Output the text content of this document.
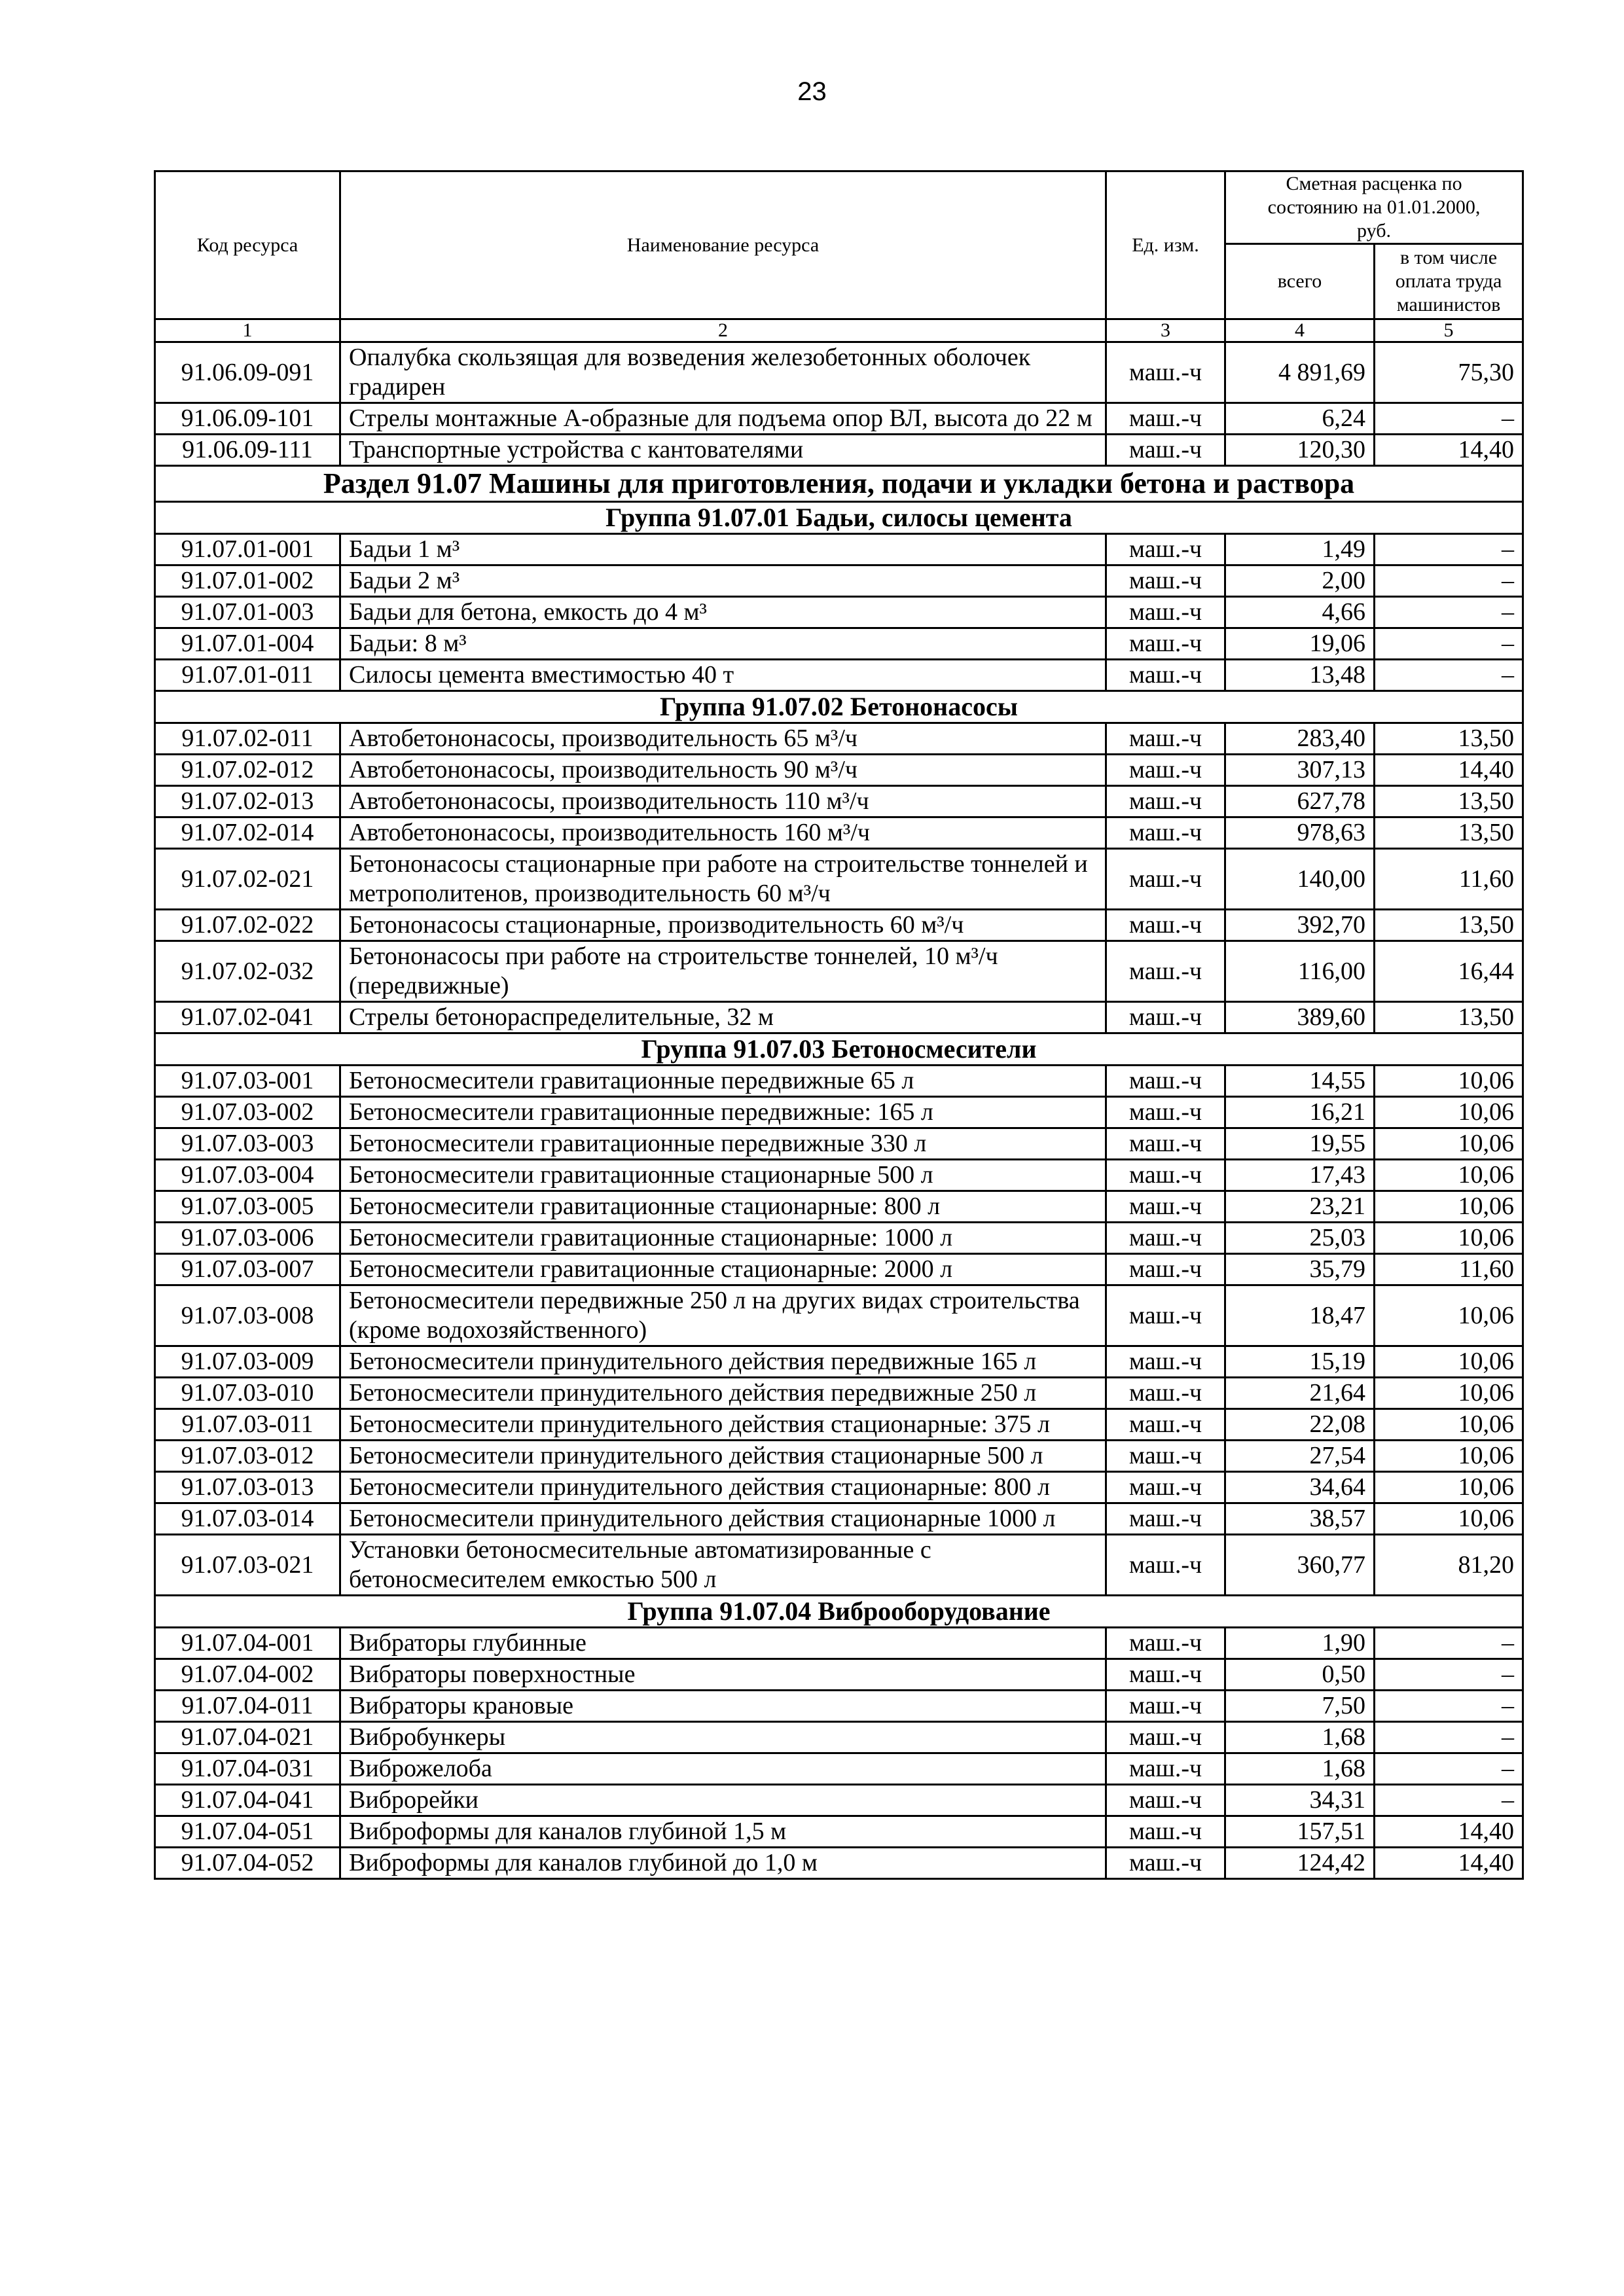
23
Код ресурса	Наименование ресурса	Ед. изм.	Сметная расценка по состоянию на 01.01.2000, руб.	
			всего	в том числе оплата труда машинистов
1	2	3	4	5
91.06.09-091	Опалубка скользящая для возведения железобетонных оболочек градирен	маш.-ч	4 891,69	75,30
91.06.09-101	Стрелы монтажные А-образные для подъема опор ВЛ, высота до 22 м	маш.-ч	6,24	–
91.06.09-111	Транспортные устройства с кантователями	маш.-ч	120,30	14,40
Раздел 91.07 Машины для приготовления, подачи и укладки бетона и раствора				
Группа 91.07.01 Бадьи, силосы цемента				
91.07.01-001	Бадьи 1 м³	маш.-ч	1,49	–
91.07.01-002	Бадьи 2 м³	маш.-ч	2,00	–
91.07.01-003	Бадьи для бетона, емкость до 4 м³	маш.-ч	4,66	–
91.07.01-004	Бадьи: 8 м³	маш.-ч	19,06	–
91.07.01-011	Силосы цемента вместимостью 40 т	маш.-ч	13,48	–
Группа 91.07.02 Бетононасосы				
91.07.02-011	Автобетононасосы, производительность 65 м³/ч	маш.-ч	283,40	13,50
91.07.02-012	Автобетононасосы, производительность 90 м³/ч	маш.-ч	307,13	14,40
91.07.02-013	Автобетононасосы, производительность 110 м³/ч	маш.-ч	627,78	13,50
91.07.02-014	Автобетононасосы, производительность 160 м³/ч	маш.-ч	978,63	13,50
91.07.02-021	Бетононасосы стационарные при работе на строительстве тоннелей и метрополитенов, производительность 60 м³/ч	маш.-ч	140,00	11,60
91.07.02-022	Бетононасосы стационарные, производительность 60 м³/ч	маш.-ч	392,70	13,50
91.07.02-032	Бетононасосы при работе на строительстве тоннелей, 10 м³/ч (передвижные)	маш.-ч	116,00	16,44
91.07.02-041	Стрелы бетонораспределительные, 32 м	маш.-ч	389,60	13,50
Группа 91.07.03 Бетоносмесители				
91.07.03-001	Бетоносмесители гравитационные передвижные 65 л	маш.-ч	14,55	10,06
91.07.03-002	Бетоносмесители гравитационные передвижные: 165 л	маш.-ч	16,21	10,06
91.07.03-003	Бетоносмесители гравитационные передвижные 330 л	маш.-ч	19,55	10,06
91.07.03-004	Бетоносмесители гравитационные стационарные 500 л	маш.-ч	17,43	10,06
91.07.03-005	Бетоносмесители гравитационные стационарные: 800 л	маш.-ч	23,21	10,06
91.07.03-006	Бетоносмесители гравитационные стационарные: 1000 л	маш.-ч	25,03	10,06
91.07.03-007	Бетоносмесители гравитационные стационарные: 2000 л	маш.-ч	35,79	11,60
91.07.03-008	Бетоносмесители передвижные 250 л на других видах строительства (кроме водохозяйственного)	маш.-ч	18,47	10,06
91.07.03-009	Бетоносмесители принудительного действия передвижные 165 л	маш.-ч	15,19	10,06
91.07.03-010	Бетоносмесители принудительного действия передвижные 250 л	маш.-ч	21,64	10,06
91.07.03-011	Бетоносмесители принудительного действия стационарные: 375 л	маш.-ч	22,08	10,06
91.07.03-012	Бетоносмесители принудительного действия стационарные 500 л	маш.-ч	27,54	10,06
91.07.03-013	Бетоносмесители принудительного действия стационарные: 800 л	маш.-ч	34,64	10,06
91.07.03-014	Бетоносмесители принудительного действия стационарные 1000 л	маш.-ч	38,57	10,06
91.07.03-021	Установки бетоносмесительные автоматизированные с бетоносмесителем емкостью 500 л	маш.-ч	360,77	81,20
Группа 91.07.04 Виброоборудование				
91.07.04-001	Вибраторы глубинные	маш.-ч	1,90	–
91.07.04-002	Вибраторы поверхностные	маш.-ч	0,50	–
91.07.04-011	Вибраторы крановые	маш.-ч	7,50	–
91.07.04-021	Вибробункеры	маш.-ч	1,68	–
91.07.04-031	Виброжелоба	маш.-ч	1,68	–
91.07.04-041	Виброрейки	маш.-ч	34,31	–
91.07.04-051	Виброформы для каналов глубиной 1,5 м	маш.-ч	157,51	14,40
91.07.04-052	Виброформы для каналов глубиной до 1,0 м	маш.-ч	124,42	14,40
